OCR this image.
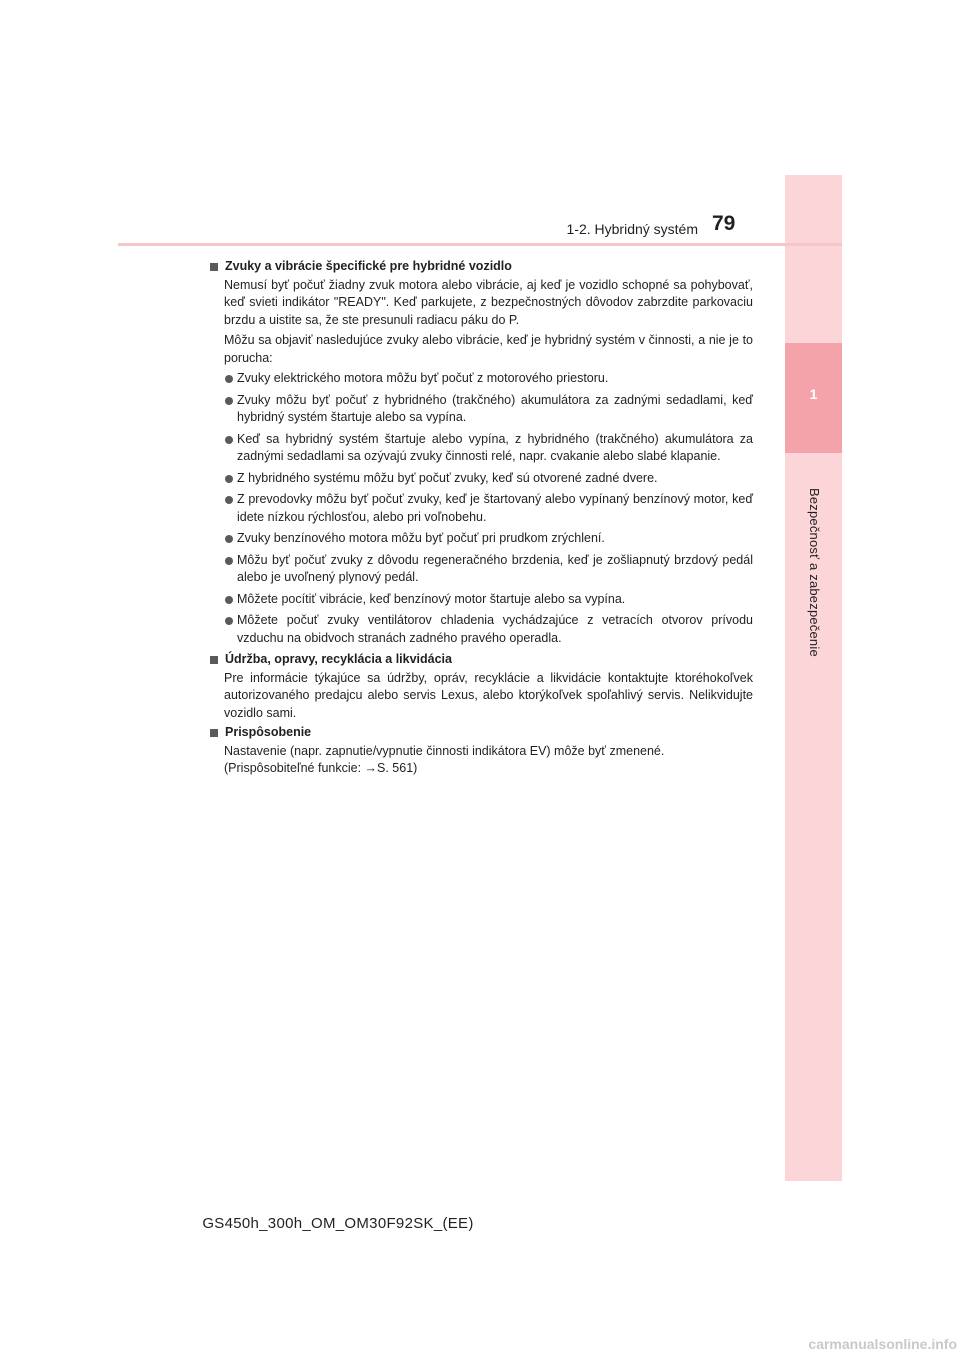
1
Bezpečnosť a zabezpečenie
1-2. Hybridný systém 79
Zvuky a vibrácie špecifické pre hybridné vozidlo
Nemusí byť počuť žiadny zvuk motora alebo vibrácie, aj keď je vozidlo schopné sa pohybovať, keď svieti indikátor "READY". Keď parkujete, z bezpečnostných dôvodov zabrzdite parkovaciu brzdu a uistite sa, že ste presunuli radiacu páku do P.
Môžu sa objaviť nasledujúce zvuky alebo vibrácie, keď je hybridný systém v činnosti, a nie je to porucha:
Zvuky elektrického motora môžu byť počuť z motorového priestoru.
Zvuky môžu byť počuť z hybridného (trakčného) akumulátora za zadnými sedadlami, keď hybridný systém štartuje alebo sa vypína.
Keď sa hybridný systém štartuje alebo vypína, z hybridného (trakčného) akumulátora za zadnými sedadlami sa ozývajú zvuky činnosti relé, napr. cvakanie alebo slabé klapanie.
Z hybridného systému môžu byť počuť zvuky, keď sú otvorené zadné dvere.
Z prevodovky môžu byť počuť zvuky, keď je štartovaný alebo vypínaný benzínový motor, keď idete nízkou rýchlosťou, alebo pri voľnobehu.
Zvuky benzínového motora môžu byť počuť pri prudkom zrýchlení.
Môžu byť počuť zvuky z dôvodu regeneračného brzdenia, keď je zošliapnutý brzdový pedál alebo je uvoľnený plynový pedál.
Môžete pocítiť vibrácie, keď benzínový motor štartuje alebo sa vypína.
Môžete počuť zvuky ventilátorov chladenia vychádzajúce z vetracích otvorov prívodu vzduchu na obidvoch stranách zadného pravého operadla.
Údržba, opravy, recyklácia a likvidácia
Pre informácie týkajúce sa údržby, opráv, recyklácie a likvidácie kontaktujte ktoréhokoľvek autorizovaného predajcu alebo servis Lexus, alebo ktorýkoľvek spoľahlivý servis. Nelikvidujte vozidlo sami.
Prispôsobenie
Nastavenie (napr. zapnutie/vypnutie činnosti indikátora EV) môže byť zmenené.
(Prispôsobiteľné funkcie: →S. 561)
GS450h_300h_OM_OM30F92SK_(EE)
carmanualsonline.info
